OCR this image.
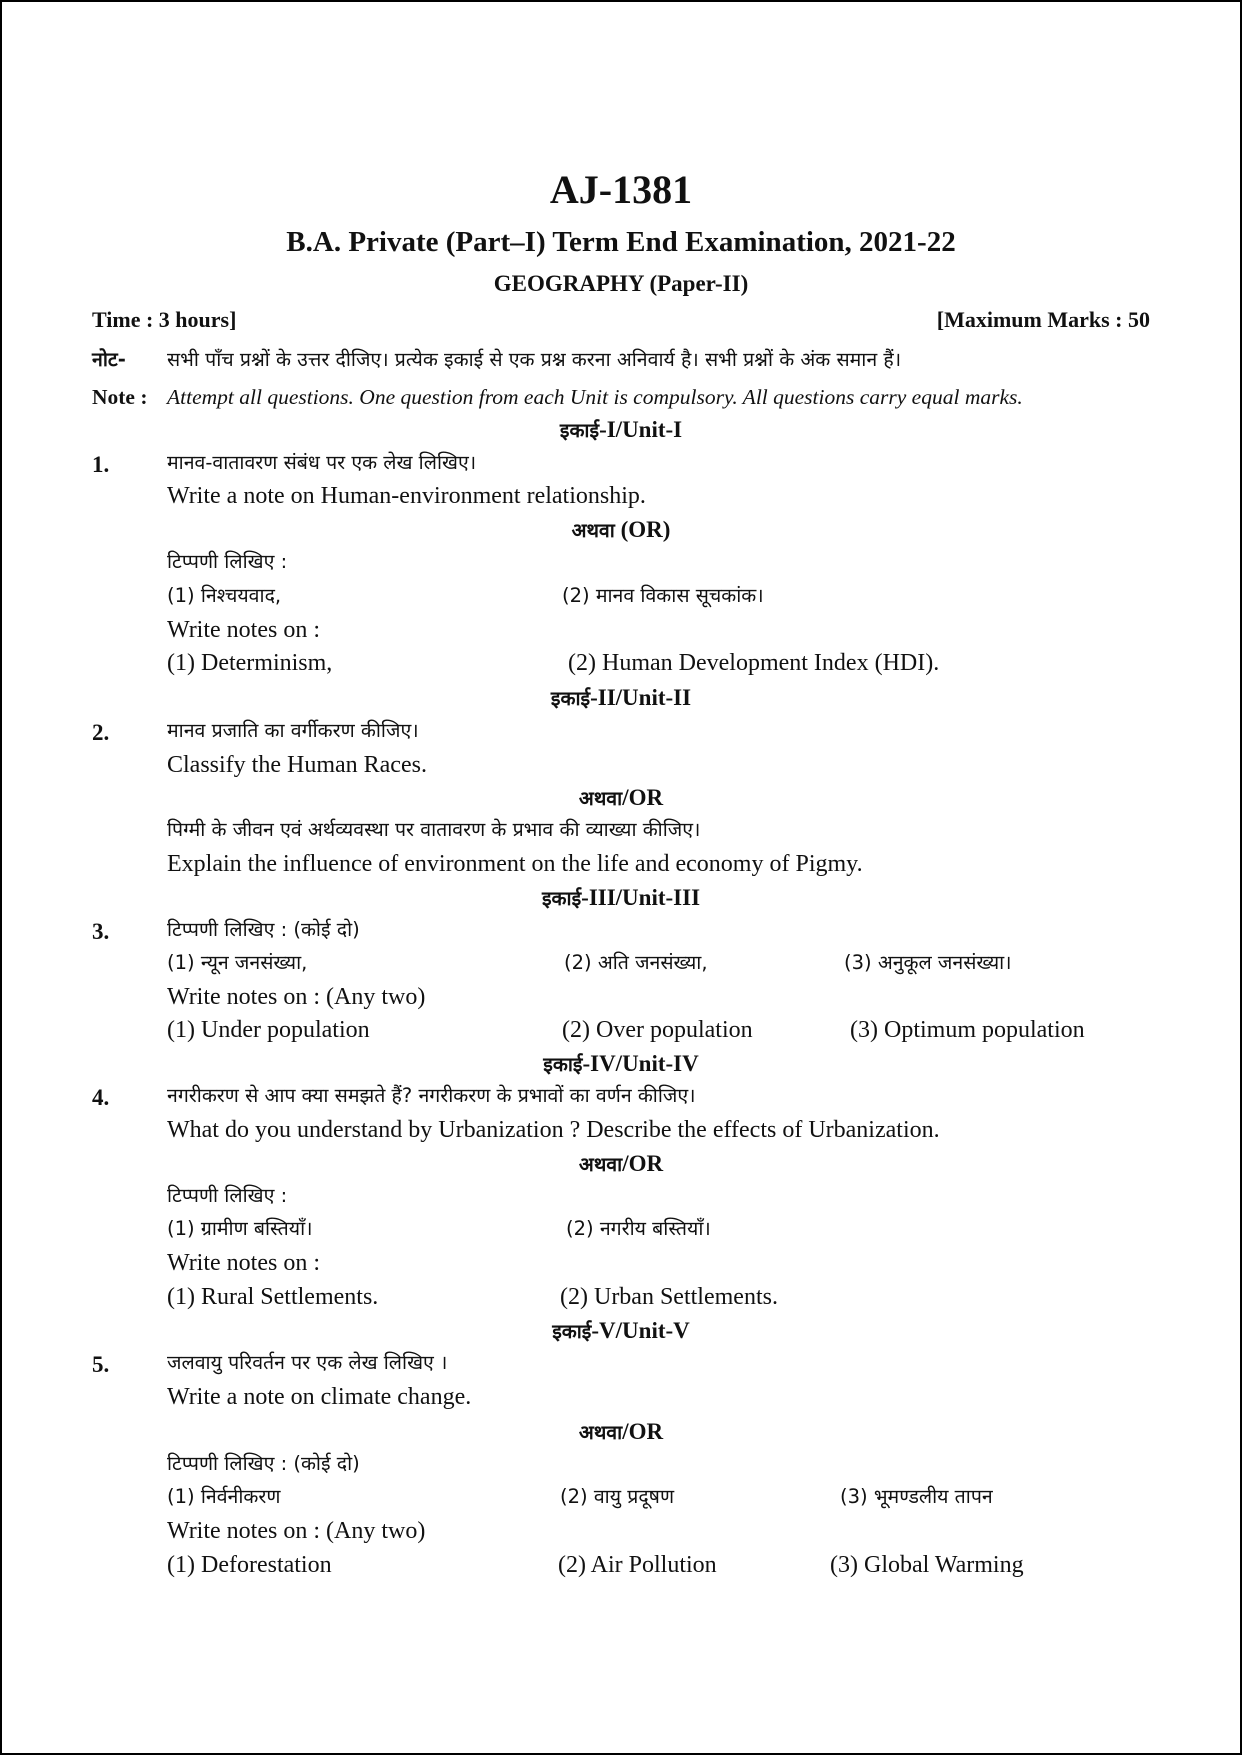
AJ-1381
B.A. Private (Part–I) Term End Examination, 2021-22
GEOGRAPHY (Paper-II)
Time : 3 hours]	[Maximum Marks : 50
नोट- सभी पाँच प्रश्नों के उत्तर दीजिए। प्रत्येक इकाई से एक प्रश्न करना अनिवार्य है। सभी प्रश्नों के अंक समान हैं।
Note : Attempt all questions. One question from each Unit is compulsory. All questions carry equal marks.
इकाई-I/Unit-I
1.	मानव-वातावरण संबंध पर एक लेख लिखिए।
Write a note on Human-environment relationship.
अथवा (OR)
टिप्पणी लिखिए :
(1) निश्चयवाद,	(2) मानव विकास सूचकांक।
Write notes on :
(1) Determinism,	(2) Human Development Index (HDI).
इकाई-II/Unit-II
2.	मानव प्रजाति का वर्गीकरण कीजिए।
Classify the Human Races.
अथवा/OR
पिग्मी के जीवन एवं अर्थव्यवस्था पर वातावरण के प्रभाव की व्याख्या कीजिए।
Explain the influence of environment on the life and economy of Pigmy.
इकाई-III/Unit-III
3.	टिप्पणी लिखिए : (कोई दो)
(1) न्यून जनसंख्या,	(2) अति जनसंख्या,	(3) अनुकूल जनसंख्या।
Write notes on : (Any two)
(1) Under population	(2) Over population	(3) Optimum population
इकाई-IV/Unit-IV
4.	नगरीकरण से आप क्या समझते हैं? नगरीकरण के प्रभावों का वर्णन कीजिए।
What do you understand by Urbanization ? Describe the effects of Urbanization.
अथवा/OR
टिप्पणी लिखिए :
(1) ग्रामीण बस्तियाँ।	(2) नगरीय बस्तियाँ।
Write notes on :
(1) Rural Settlements.	(2) Urban Settlements.
इकाई-V/Unit-V
5.	जलवायु परिवर्तन पर एक लेख लिखिए ।
Write a note on climate change.
अथवा/OR
टिप्पणी लिखिए : (कोई दो)
(1) निर्वनीकरण	(2) वायु प्रदूषण	(3) भूमण्डलीय तापन
Write notes on : (Any two)
(1) Deforestation	(2) Air Pollution	(3) Global Warming
